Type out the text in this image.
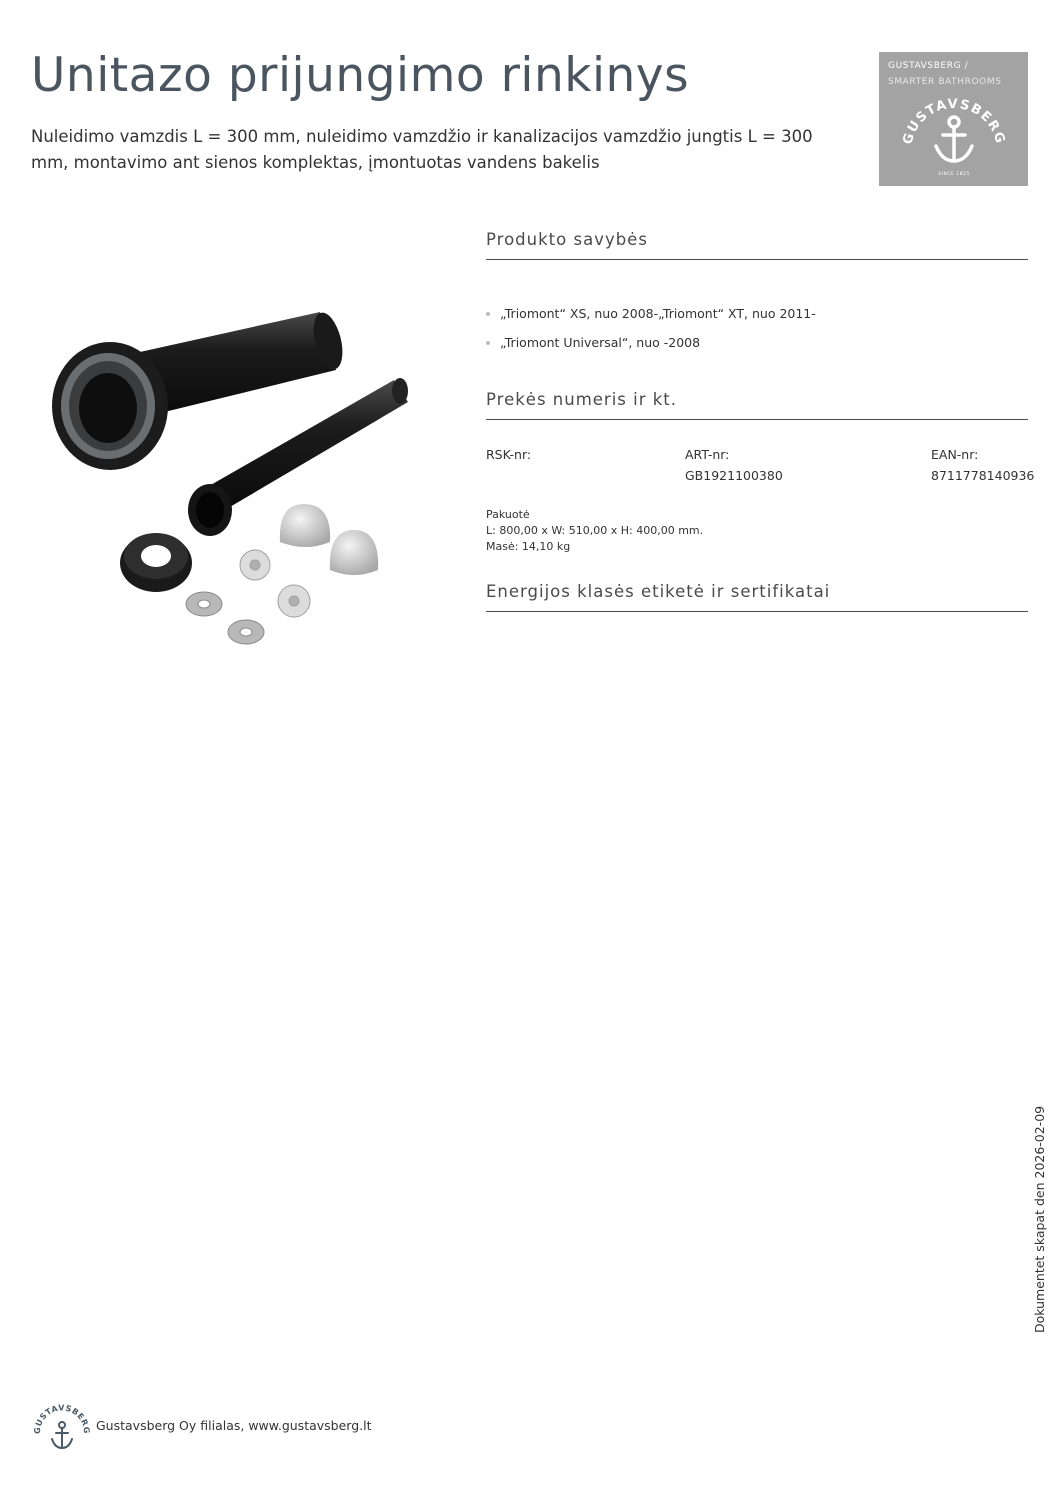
Unitazo prijungimo rinkinys

Nuleidimo vamzdis L = 300 mm, nuleidimo vamzdžio ir kanalizacijos vamzdžio jungtis L = 300 mm, montavimo ant sienos komplektas, įmontuotas vandens bakelis

GUSTAVSBERG /
SMARTER BATHROOMS
GUSTAVSBERG
SINCE 1825
Produkto savybės
„Triomont“ XS, nuo 2008-„Triomont“ XT, nuo 2011-
„Triomont Universal“, nuo -2008
Prekės numeris ir kt.
RSK-nr:	ART-nr:
GB1921100380
EAN-nr:
8711778140936
Pakuotė
L: 800,00 x W: 510,00 x H: 400,00 mm.
Masė: 14,10 kg
Energijos klasės etiketė ir sertifikatai
Dokumentet skapat den 2026-02-09
GUSTAVSBERG Gustavsberg Oy filialas, www.gustavsberg.lt
